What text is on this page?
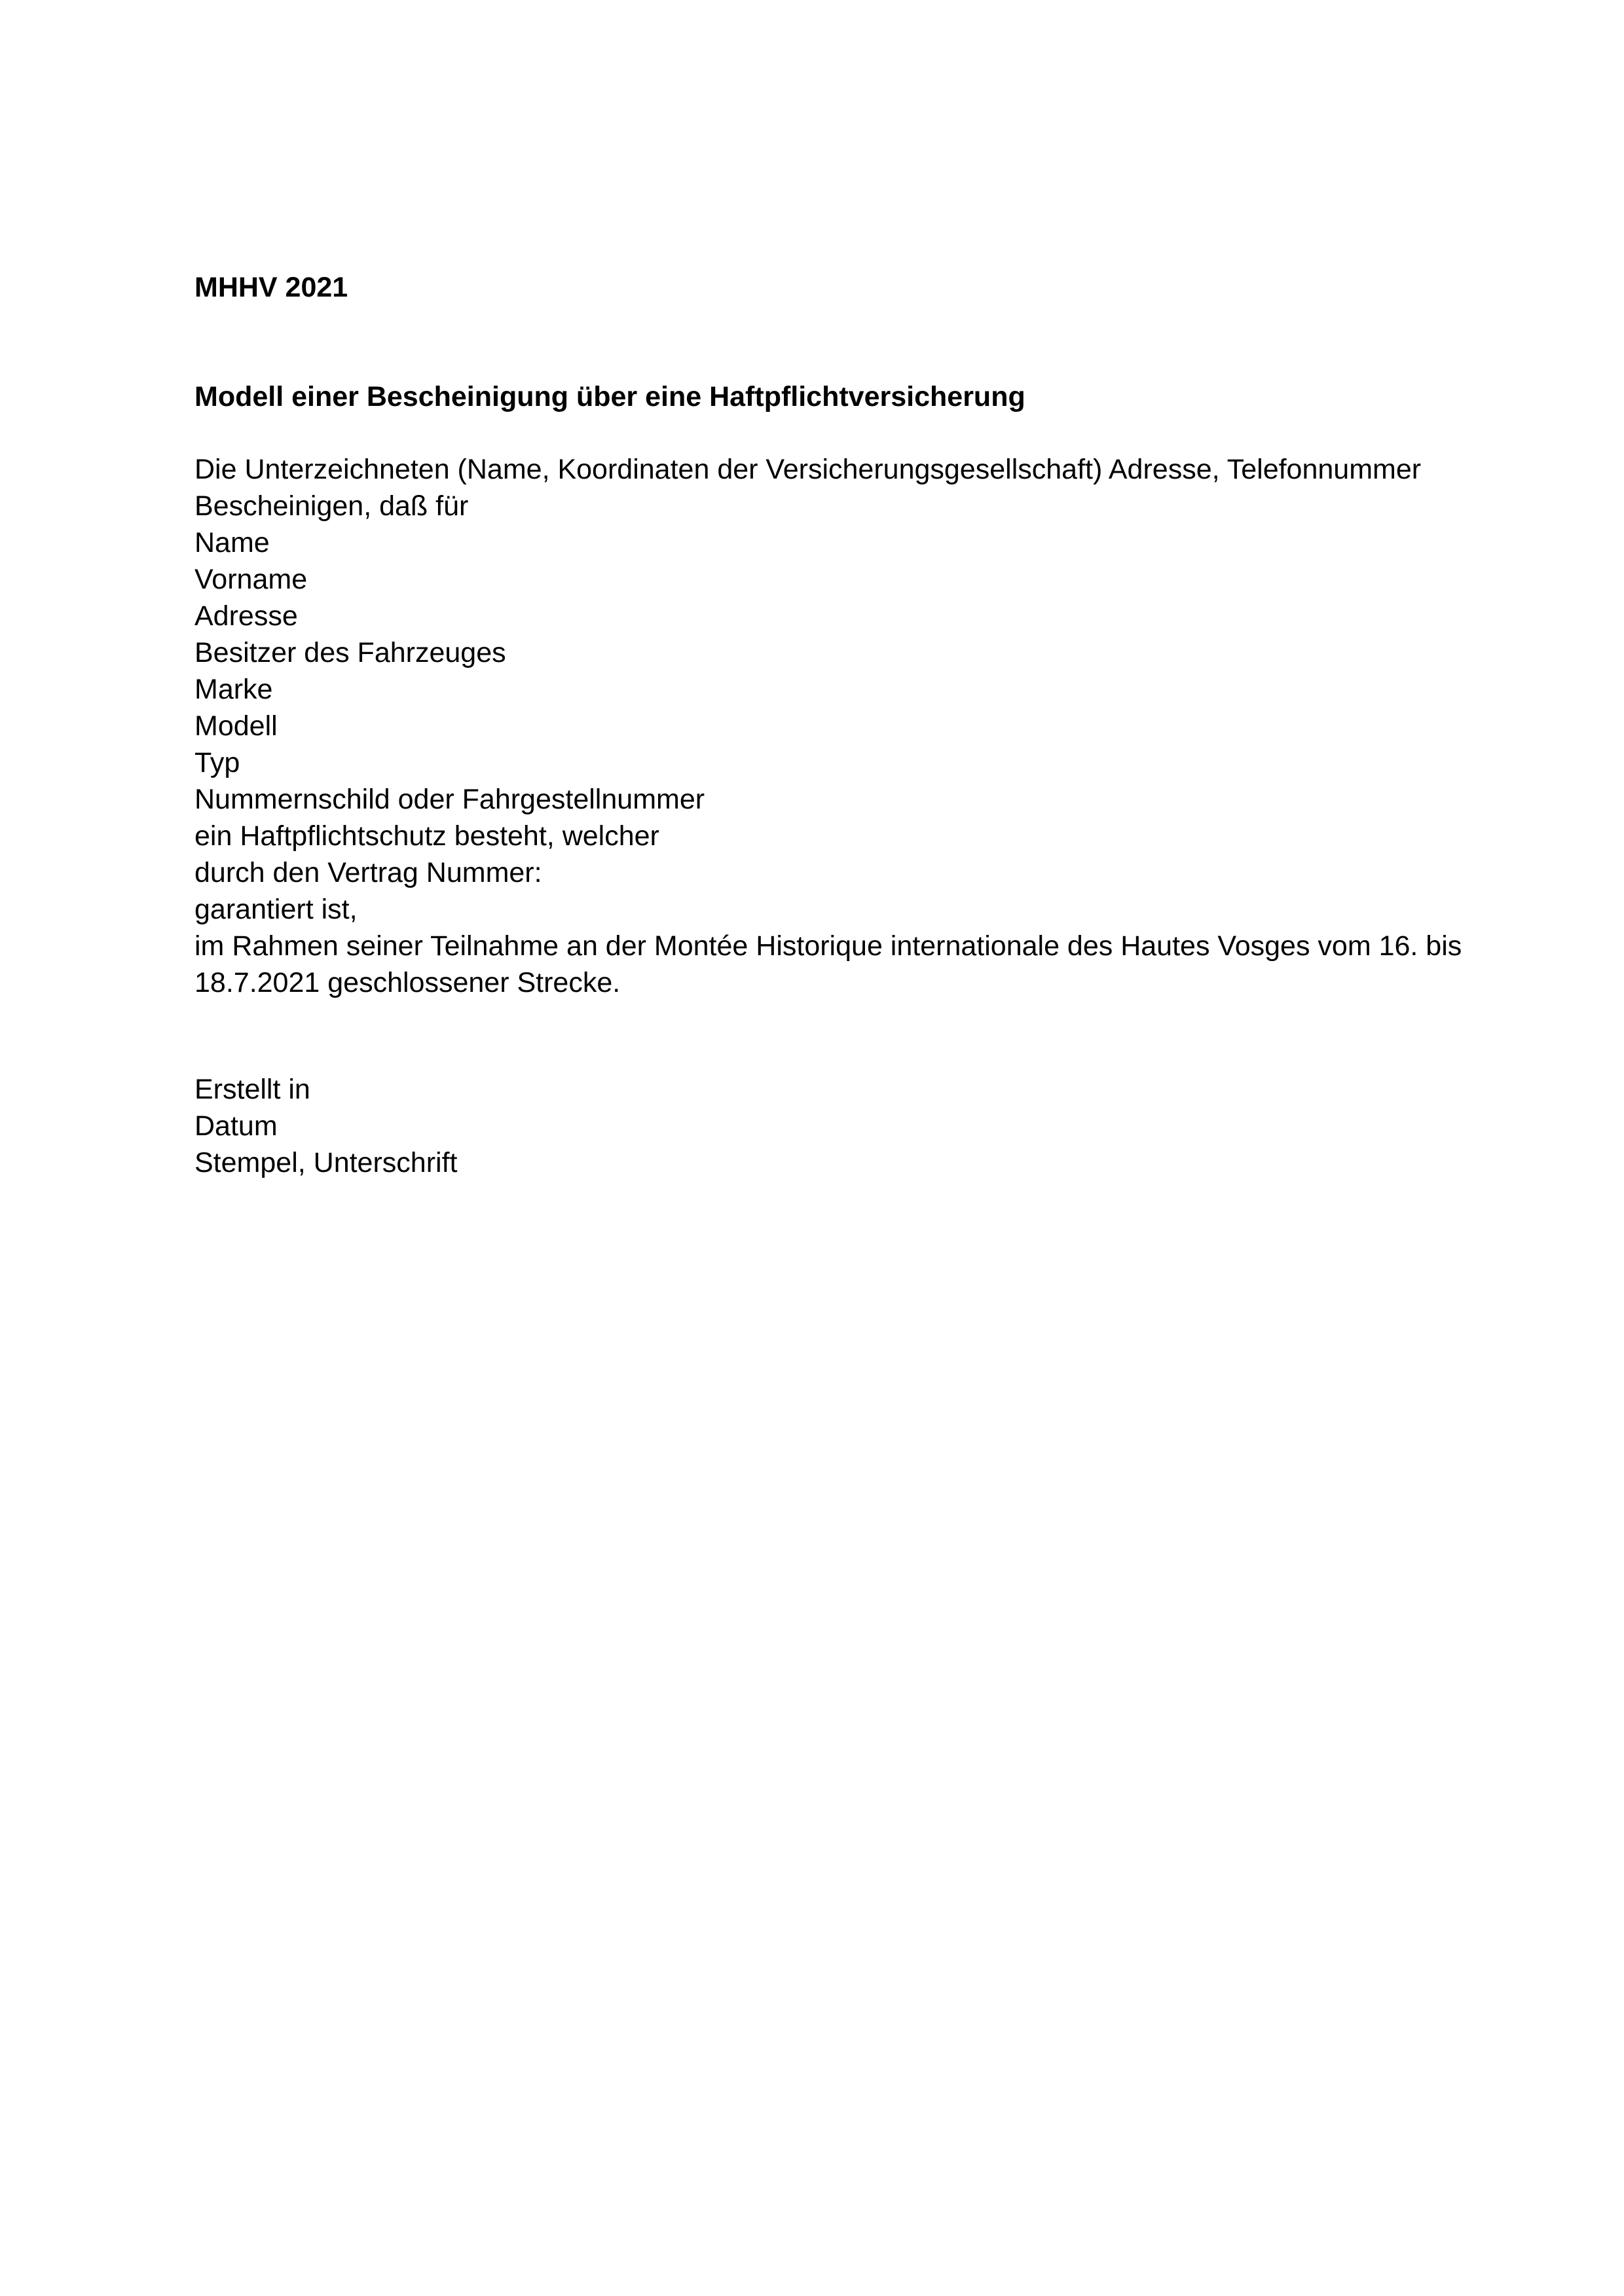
MHHV 2021
Modell einer Bescheinigung über eine Haftpflichtversicherung
Die Unterzeichneten (Name, Koordinaten der Versicherungsgesellschaft) Adresse, Telefonnummer
Bescheinigen, daß für
Name
Vorname
Adresse
Besitzer des Fahrzeuges
Marke
Modell
Typ
Nummernschild oder Fahrgestellnummer
ein Haftpflichtschutz besteht, welcher
durch den Vertrag Nummer:
garantiert ist,
im Rahmen seiner Teilnahme an der Montée Historique internationale des Hautes Vosges vom 16. bis
18.7.2021 geschlossener Strecke.
Erstellt in
Datum
Stempel, Unterschrift
